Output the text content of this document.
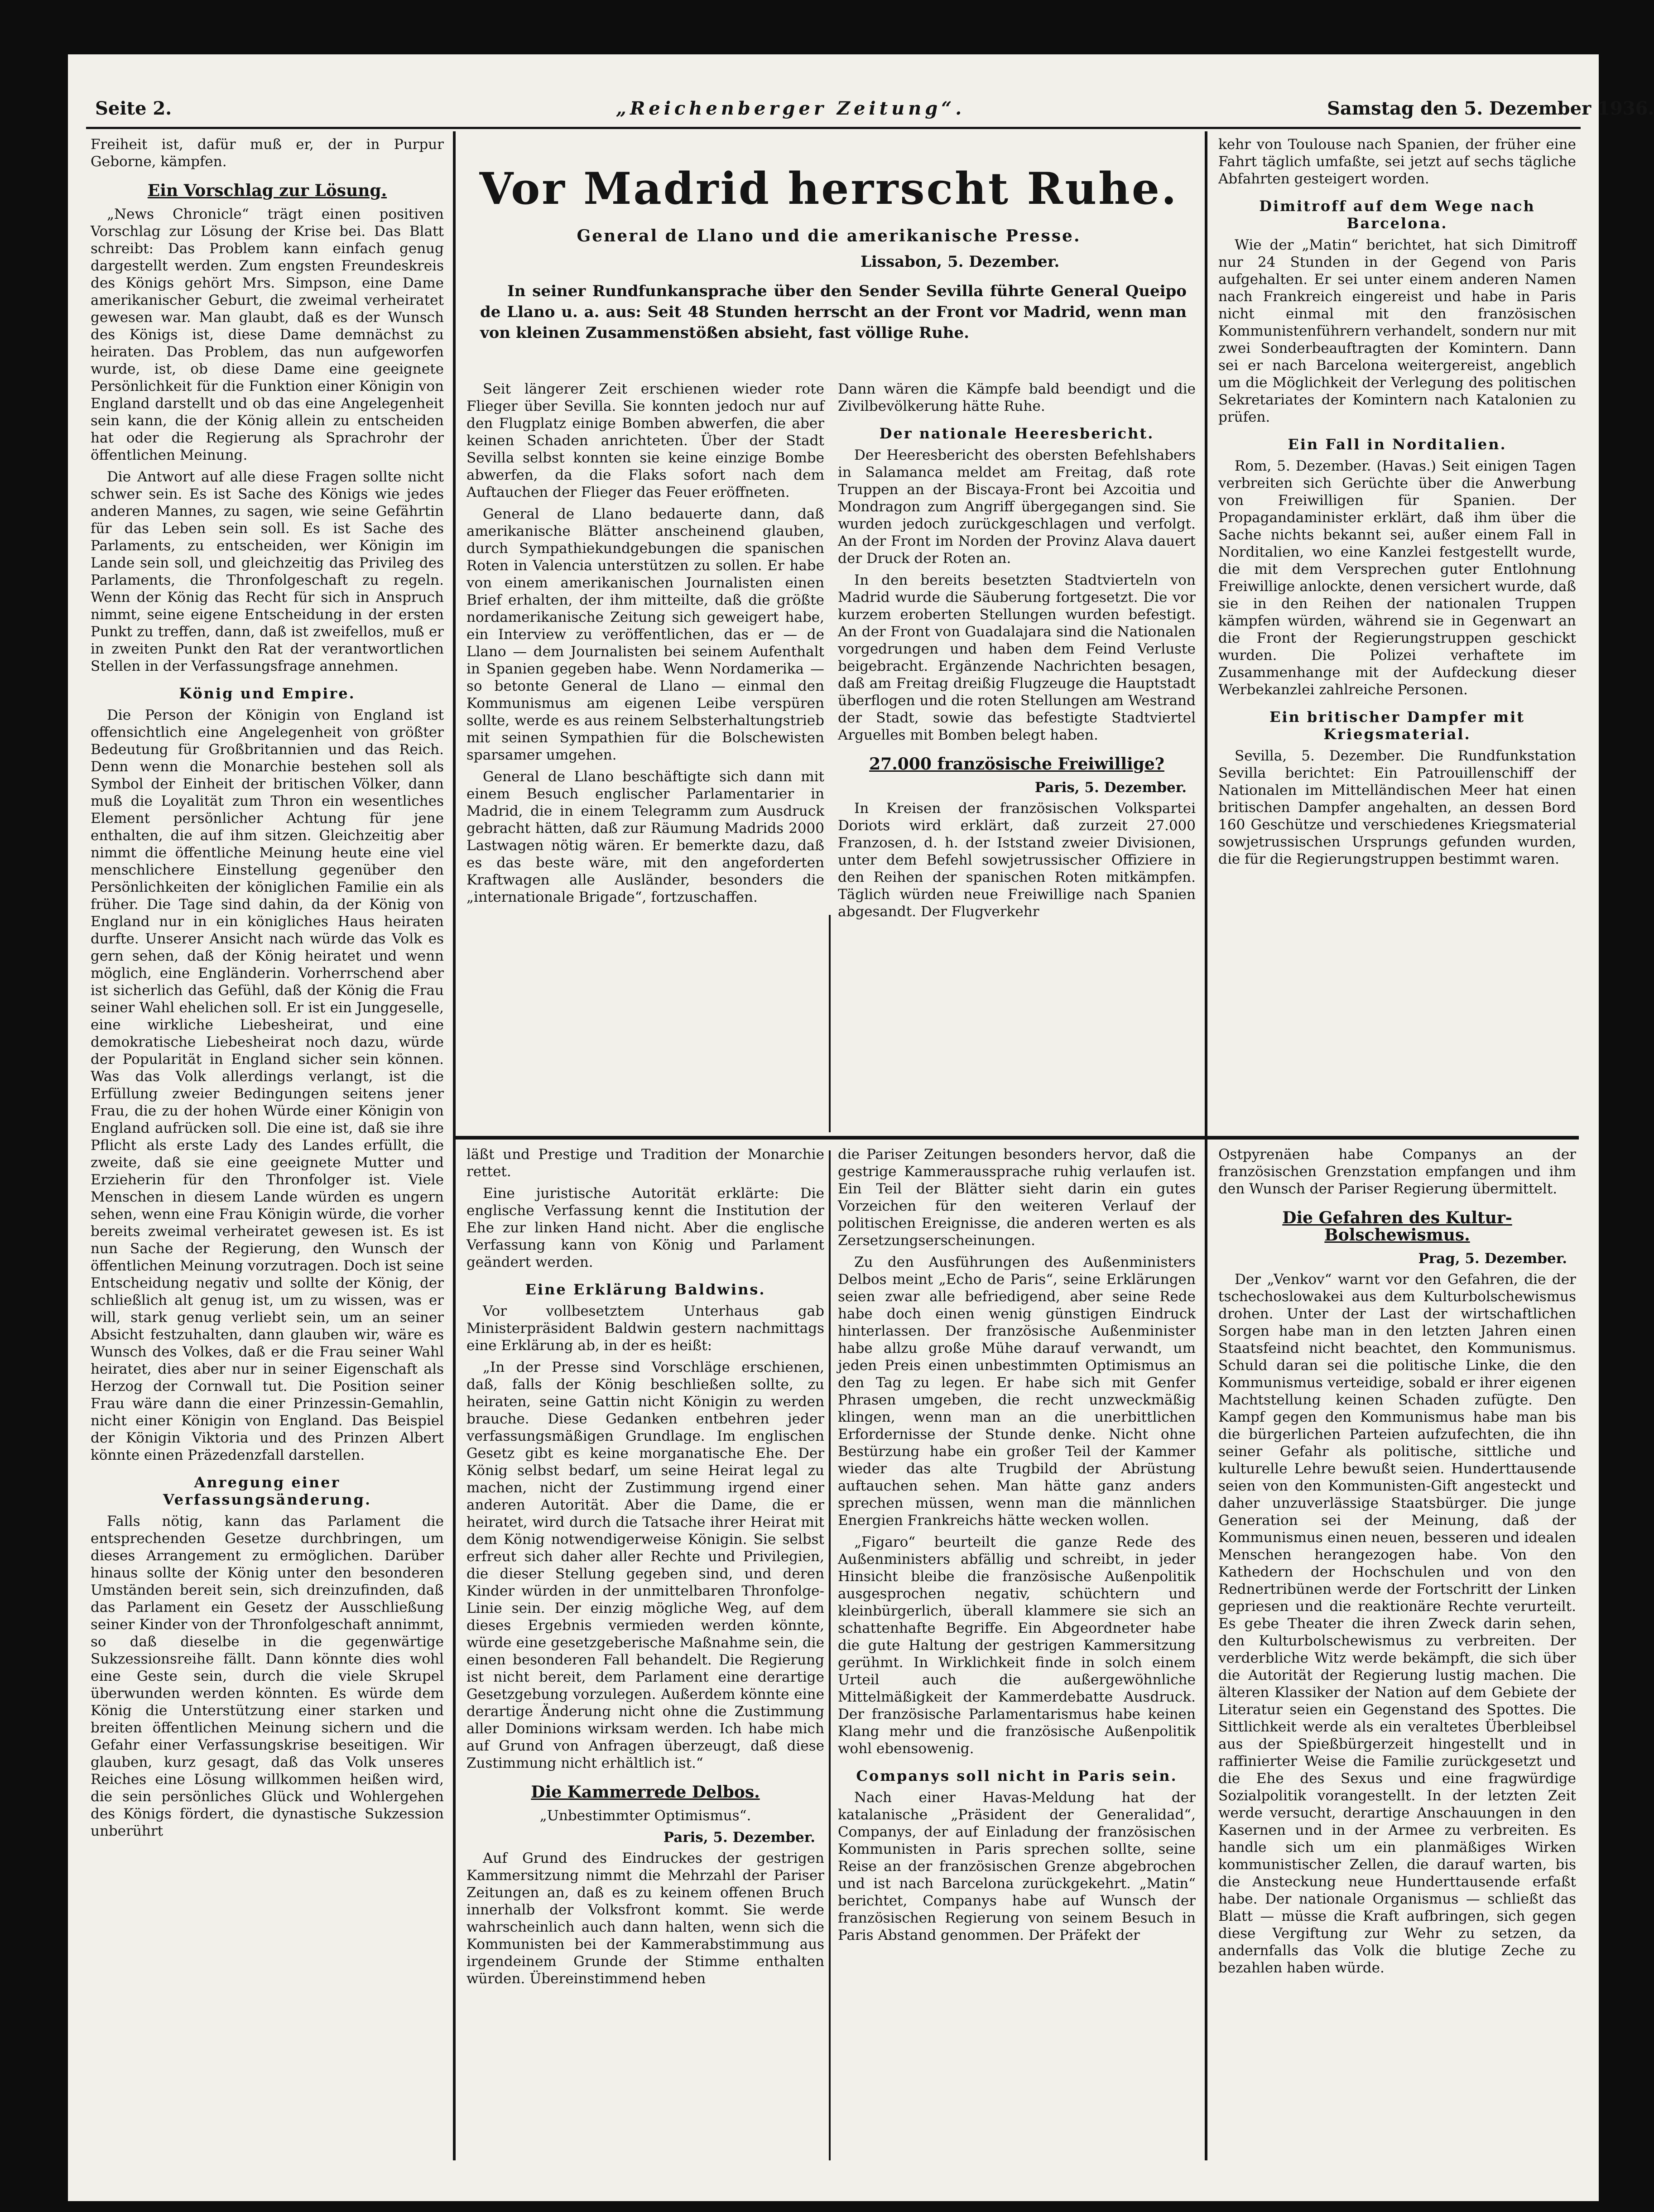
Seite 2.	„Reichenberger Zeitung“.	Samstag den 5. Dezember 1936.

Freiheit ist, dafür muß er, der in Purpur Geborne, kämpfen.

Ein Vorschlag zur Lösung.

„News Chronicle“ trägt einen positiven Vorschlag zur Lösung der Krise bei. Das Blatt schreibt: Das Problem kann einfach genug dargestellt werden. Zum engsten Freundeskreis des Königs gehört Mrs. Simpson, eine Dame amerikanischer Geburt, die zweimal verheiratet gewesen war. Man glaubt, daß es der Wunsch des Königs ist, diese Dame demnächst zu heiraten. Das Problem, das nun aufgeworfen wurde, ist, ob diese Dame eine geeignete Persönlichkeit für die Funktion einer Königin von England darstellt und ob das eine Angelegenheit sein kann, die der König allein zu entscheiden hat oder die Regierung als Sprachrohr der öffentlichen Meinung.

Die Antwort auf alle diese Fragen sollte nicht schwer sein. Es ist Sache des Königs wie jedes anderen Mannes, zu sagen, wie seine Gefährtin für das Leben sein soll. Es ist Sache des Parlaments, zu entscheiden, wer Königin im Lande sein soll, und gleichzeitig das Privileg des Parlaments, die Thronfolgeschaft zu regeln. Wenn der König das Recht für sich in Anspruch nimmt, seine eigene Entscheidung in der ersten Punkt zu treffen, dann, daß ist zweifellos, muß er in zweiten Punkt den Rat der verantwortlichen Stellen in der Verfassungsfrage annehmen.

König und Empire.

Die Person der Königin von England ist offensichtlich eine Angelegenheit von größter Bedeutung für Großbritannien und das Reich. Denn wenn die Monarchie bestehen soll als Symbol der Einheit der britischen Völker, dann muß die Loyalität zum Thron ein wesentliches Element persönlicher Achtung für jene enthalten, die auf ihm sitzen. Gleichzeitig aber nimmt die öffentliche Meinung heute eine viel menschlichere Einstellung gegenüber den Persönlichkeiten der königlichen Familie ein als früher. Die Tage sind dahin, da der König von England nur in ein königliches Haus heiraten durfte. Unserer Ansicht nach würde das Volk es gern sehen, daß der König heiratet und wenn möglich, eine Engländerin. Vorherrschend aber ist sicherlich das Gefühl, daß der König die Frau seiner Wahl ehelichen soll. Er ist ein Junggeselle, eine wirkliche Liebesheirat, und eine demokratische Liebesheirat noch dazu, würde der Popularität in England sicher sein können. Was das Volk allerdings verlangt, ist die Erfüllung zweier Bedingungen seitens jener Frau, die zu der hohen Würde einer Königin von England aufrücken soll. Die eine ist, daß sie ihre Pflicht als erste Lady des Landes erfüllt, die zweite, daß sie eine geeignete Mutter und Erzieherin für den Thronfolger ist. Viele Menschen in diesem Lande würden es ungern sehen, wenn eine Frau Königin würde, die vorher bereits zweimal verheiratet gewesen ist. Es ist nun Sache der Regierung, den Wunsch der öffentlichen Meinung vorzutragen. Doch ist seine Entscheidung negativ und sollte der König, der schließlich alt genug ist, um zu wissen, was er will, stark genug verliebt sein, um an seiner Absicht festzuhalten, dann glauben wir, wäre es Wunsch des Volkes, daß er die Frau seiner Wahl heiratet, dies aber nur in seiner Eigenschaft als Herzog der Cornwall tut. Die Position seiner Frau wäre dann die einer Prinzessin-Gemahlin, nicht einer Königin von England. Das Beispiel der Königin Viktoria und des Prinzen Albert könnte einen Präzedenzfall darstellen.

Anregung einer Verfassungsänderung.

Falls nötig, kann das Parlament die entsprechenden Gesetze durchbringen, um dieses Arrangement zu ermöglichen. Darüber hinaus sollte der König unter den besonderen Umständen bereit sein, sich dreinzufinden, daß das Parlament ein Gesetz der Ausschließung seiner Kinder von der Thronfolgeschaft annimmt, so daß dieselbe in die gegenwärtige Sukzessionsreihe fällt. Dann könnte dies wohl eine Geste sein, durch die viele Skrupel überwunden werden könnten. Es würde dem König die Unterstützung einer starken und breiten öffentlichen Meinung sichern und die Gefahr einer Verfassungskrise beseitigen. Wir glauben, kurz gesagt, daß das Volk unseres Reiches eine Lösung willkommen heißen wird, die sein persönliches Glück und Wohlergehen des Königs fördert, die dynastische Sukzession unberührt

Vor Madrid herrscht Ruhe.
General de Llano und die amerikanische Presse.
Lissabon, 5. Dezember.
In seiner Rundfunkansprache über den Sender Sevilla führte General Queipo de Llano u. a. aus: Seit 48 Stunden herrscht an der Front vor Madrid, wenn man von kleinen Zusammenstößen absieht, fast völlige Ruhe.

Seit längerer Zeit erschienen wieder rote Flieger über Sevilla. Sie konnten jedoch nur auf den Flugplatz einige Bomben abwerfen, die aber keinen Schaden anrichteten. Über der Stadt Sevilla selbst konnten sie keine einzige Bombe abwerfen, da die Flaks sofort nach dem Auftauchen der Flieger das Feuer eröffneten.

General de Llano bedauerte dann, daß amerikanische Blätter anscheinend glauben, durch Sympathiekundgebungen die spanischen Roten in Valencia unterstützen zu sollen. Er habe von einem amerikanischen Journalisten einen Brief erhalten, der ihm mitteilte, daß die größte nordamerikanische Zeitung sich geweigert habe, ein Interview zu veröffentlichen, das er — de Llano — dem Journalisten bei seinem Aufenthalt in Spanien gegeben habe. Wenn Nordamerika — so betonte General de Llano — einmal den Kommunismus am eigenen Leibe verspüren sollte, werde es aus reinem Selbsterhaltungstrieb mit seinen Sympathien für die Bolschewisten sparsamer umgehen.

General de Llano beschäftigte sich dann mit einem Besuch englischer Parlamentarier in Madrid, die in einem Telegramm zum Ausdruck gebracht hätten, daß zur Räumung Madrids 2000 Lastwagen nötig wären. Er bemerkte dazu, daß es das beste wäre, mit den angeforderten Kraftwagen alle Ausländer, besonders die „internationale Brigade“, fortzuschaffen.

Dann wären die Kämpfe bald beendigt und die Zivilbevölkerung hätte Ruhe.

Der nationale Heeresbericht.

Der Heeresbericht des obersten Befehlshabers in Salamanca meldet am Freitag, daß rote Truppen an der Biscaya-Front bei Azcoitia und Mondragon zum Angriff übergegangen sind. Sie wurden jedoch zurückgeschlagen und verfolgt. An der Front im Norden der Provinz Alava dauert der Druck der Roten an.

In den bereits besetzten Stadtvierteln von Madrid wurde die Säuberung fortgesetzt. Die vor kurzem eroberten Stellungen wurden befestigt. An der Front von Guadalajara sind die Nationalen vorgedrungen und haben dem Feind Verluste beigebracht. Ergänzende Nachrichten besagen, daß am Freitag dreißig Flugzeuge die Hauptstadt überflogen und die roten Stellungen am Westrand der Stadt, sowie das befestigte Stadtviertel Arguelles mit Bomben belegt haben.

27.000 französische Freiwillige?

Paris, 5. Dezember.

In Kreisen der französischen Volkspartei Doriots wird erklärt, daß zurzeit 27.000 Franzosen, d. h. der Iststand zweier Divisionen, unter dem Befehl sowjetrussischer Offiziere in den Reihen der spanischen Roten mitkämpfen. Täglich würden neue Freiwillige nach Spanien abgesandt. Der Flugverkehr

kehr von Toulouse nach Spanien, der früher eine Fahrt täglich umfaßte, sei jetzt auf sechs tägliche Abfahrten gesteigert worden.

Dimitroff auf dem Wege nach Barcelona.

Wie der „Matin“ berichtet, hat sich Dimitroff nur 24 Stunden in der Gegend von Paris aufgehalten. Er sei unter einem anderen Namen nach Frankreich eingereist und habe in Paris nicht einmal mit den französischen Kommunistenführern verhandelt, sondern nur mit zwei Sonderbeauftragten der Komintern. Dann sei er nach Barcelona weitergereist, angeblich um die Möglichkeit der Verlegung des politischen Sekretariates der Komintern nach Katalonien zu prüfen.

Ein Fall in Norditalien.

Rom, 5. Dezember. (Havas.) Seit einigen Tagen verbreiten sich Gerüchte über die Anwerbung von Freiwilligen für Spanien. Der Propagandaminister erklärt, daß ihm über die Sache nichts bekannt sei, außer einem Fall in Norditalien, wo eine Kanzlei festgestellt wurde, die mit dem Versprechen guter Entlohnung Freiwillige anlockte, denen versichert wurde, daß sie in den Reihen der nationalen Truppen kämpfen würden, während sie in Gegenwart an die Front der Regierungstruppen geschickt wurden. Die Polizei verhaftete im Zusammenhange mit der Aufdeckung dieser Werbekanzlei zahlreiche Personen.

Ein britischer Dampfer mit Kriegsmaterial.

Sevilla, 5. Dezember. Die Rundfunkstation Sevilla berichtet: Ein Patrouillenschiff der Nationalen im Mittelländischen Meer hat einen britischen Dampfer angehalten, an dessen Bord 160 Geschütze und verschiedenes Kriegsmaterial sowjetrussischen Ursprungs gefunden wurden, die für die Regierungstruppen bestimmt waren.

läßt und Prestige und Tradition der Monarchie rettet.

Eine juristische Autorität erklärte: Die englische Verfassung kennt die Institution der Ehe zur linken Hand nicht. Aber die englische Verfassung kann von König und Parlament geändert werden.

Eine Erklärung Baldwins.

Vor vollbesetztem Unterhaus gab Ministerpräsident Baldwin gestern nachmittags eine Erklärung ab, in der es heißt:

„In der Presse sind Vorschläge erschienen, daß, falls der König beschließen sollte, zu heiraten, seine Gattin nicht Königin zu werden brauche. Diese Gedanken entbehren jeder verfassungsmäßigen Grundlage. Im englischen Gesetz gibt es keine morganatische Ehe. Der König selbst bedarf, um seine Heirat legal zu machen, nicht der Zustimmung irgend einer anderen Autorität. Aber die Dame, die er heiratet, wird durch die Tatsache ihrer Heirat mit dem König notwendigerweise Königin. Sie selbst erfreut sich daher aller Rechte und Privilegien, die dieser Stellung gegeben sind, und deren Kinder würden in der unmittelbaren Thronfolge-Linie sein. Der einzig mögliche Weg, auf dem dieses Ergebnis vermieden werden könnte, würde eine gesetzgeberische Maßnahme sein, die einen besonderen Fall behandelt. Die Regierung ist nicht bereit, dem Parlament eine derartige Gesetzgebung vorzulegen. Außerdem könnte eine derartige Änderung nicht ohne die Zustimmung aller Dominions wirksam werden. Ich habe mich auf Grund von Anfragen überzeugt, daß diese Zustimmung nicht erhältlich ist.“

Die Kammerrede Delbos.

„Unbestimmter Optimismus“.

Paris, 5. Dezember.

Auf Grund des Eindruckes der gestrigen Kammersitzung nimmt die Mehrzahl der Pariser Zeitungen an, daß es zu keinem offenen Bruch innerhalb der Volksfront kommt. Sie werde wahrscheinlich auch dann halten, wenn sich die Kommunisten bei der Kammerabstimmung aus irgendeinem Grunde der Stimme enthalten würden. Übereinstimmend heben

die Pariser Zeitungen besonders hervor, daß die gestrige Kammeraussprache ruhig verlaufen ist. Ein Teil der Blätter sieht darin ein gutes Vorzeichen für den weiteren Verlauf der politischen Ereignisse, die anderen werten es als Zersetzungserscheinungen.

Zu den Ausführungen des Außenministers Delbos meint „Echo de Paris“, seine Erklärungen seien zwar alle befriedigend, aber seine Rede habe doch einen wenig günstigen Eindruck hinterlassen. Der französische Außenminister habe allzu große Mühe darauf verwandt, um jeden Preis einen unbestimmten Optimismus an den Tag zu legen. Er habe sich mit Genfer Phrasen umgeben, die recht unzweckmäßig klingen, wenn man an die unerbittlichen Erfordernisse der Stunde denke. Nicht ohne Bestürzung habe ein großer Teil der Kammer wieder das alte Trugbild der Abrüstung auftauchen sehen. Man hätte ganz anders sprechen müssen, wenn man die männlichen Energien Frankreichs hätte wecken wollen.

„Figaro“ beurteilt die ganze Rede des Außenministers abfällig und schreibt, in jeder Hinsicht bleibe die französische Außenpolitik ausgesprochen negativ, schüchtern und kleinbürgerlich, überall klammere sie sich an schattenhafte Begriffe. Ein Abgeordneter habe die gute Haltung der gestrigen Kammersitzung gerühmt. In Wirklichkeit finde in solch einem Urteil auch die außergewöhnliche Mittelmäßigkeit der Kammerdebatte Ausdruck. Der französische Parlamentarismus habe keinen Klang mehr und die französische Außenpolitik wohl ebensowenig.

Companys soll nicht in Paris sein.

Nach einer Havas-Meldung hat der katalanische „Präsident der Generalidad“, Companys, der auf Einladung der französischen Kommunisten in Paris sprechen sollte, seine Reise an der französischen Grenze abgebrochen und ist nach Barcelona zurückgekehrt. „Matin“ berichtet, Companys habe auf Wunsch der französischen Regierung von seinem Besuch in Paris Abstand genommen. Der Präfekt der

Ostpyrenäen habe Companys an der französischen Grenzstation empfangen und ihm den Wunsch der Pariser Regierung übermittelt.

Die Gefahren des Kultur-Bolschewismus.

Prag, 5. Dezember.

Der „Venkov“ warnt vor den Gefahren, die der tschechoslowakei aus dem Kulturbolschewismus drohen. Unter der Last der wirtschaftlichen Sorgen habe man in den letzten Jahren einen Staatsfeind nicht beachtet, den Kommunismus. Schuld daran sei die politische Linke, die den Kommunismus verteidige, sobald er ihrer eigenen Machtstellung keinen Schaden zufügte. Den Kampf gegen den Kommunismus habe man bis die bürgerlichen Parteien aufzufechten, die ihn seiner Gefahr als politische, sittliche und kulturelle Lehre bewußt seien. Hunderttausende seien von den Kommunisten-Gift angesteckt und daher unzuverlässige Staatsbürger. Die junge Generation sei der Meinung, daß der Kommunismus einen neuen, besseren und idealen Menschen herangezogen habe. Von den Kathedern der Hochschulen und von den Rednertribünen werde der Fortschritt der Linken gepriesen und die reaktionäre Rechte verurteilt. Es gebe Theater die ihren Zweck darin sehen, den Kulturbolschewismus zu verbreiten. Der verderbliche Witz werde bekämpft, die sich über die Autorität der Regierung lustig machen. Die älteren Klassiker der Nation auf dem Gebiete der Literatur seien ein Gegenstand des Spottes. Die Sittlichkeit werde als ein veraltetes Überbleibsel aus der Spießbürgerzeit hingestellt und in raffinierter Weise die Familie zurückgesetzt und die Ehe des Sexus und eine fragwürdige Sozialpolitik vorangestellt. In der letzten Zeit werde versucht, derartige Anschauungen in den Kasernen und in der Armee zu verbreiten. Es handle sich um ein planmäßiges Wirken kommunistischer Zellen, die darauf warten, bis die Ansteckung neue Hunderttausende erfaßt habe. Der nationale Organismus — schließt das Blatt — müsse die Kraft aufbringen, sich gegen diese Vergiftung zur Wehr zu setzen, da andernfalls das Volk die blutige Zeche zu bezahlen haben würde.
